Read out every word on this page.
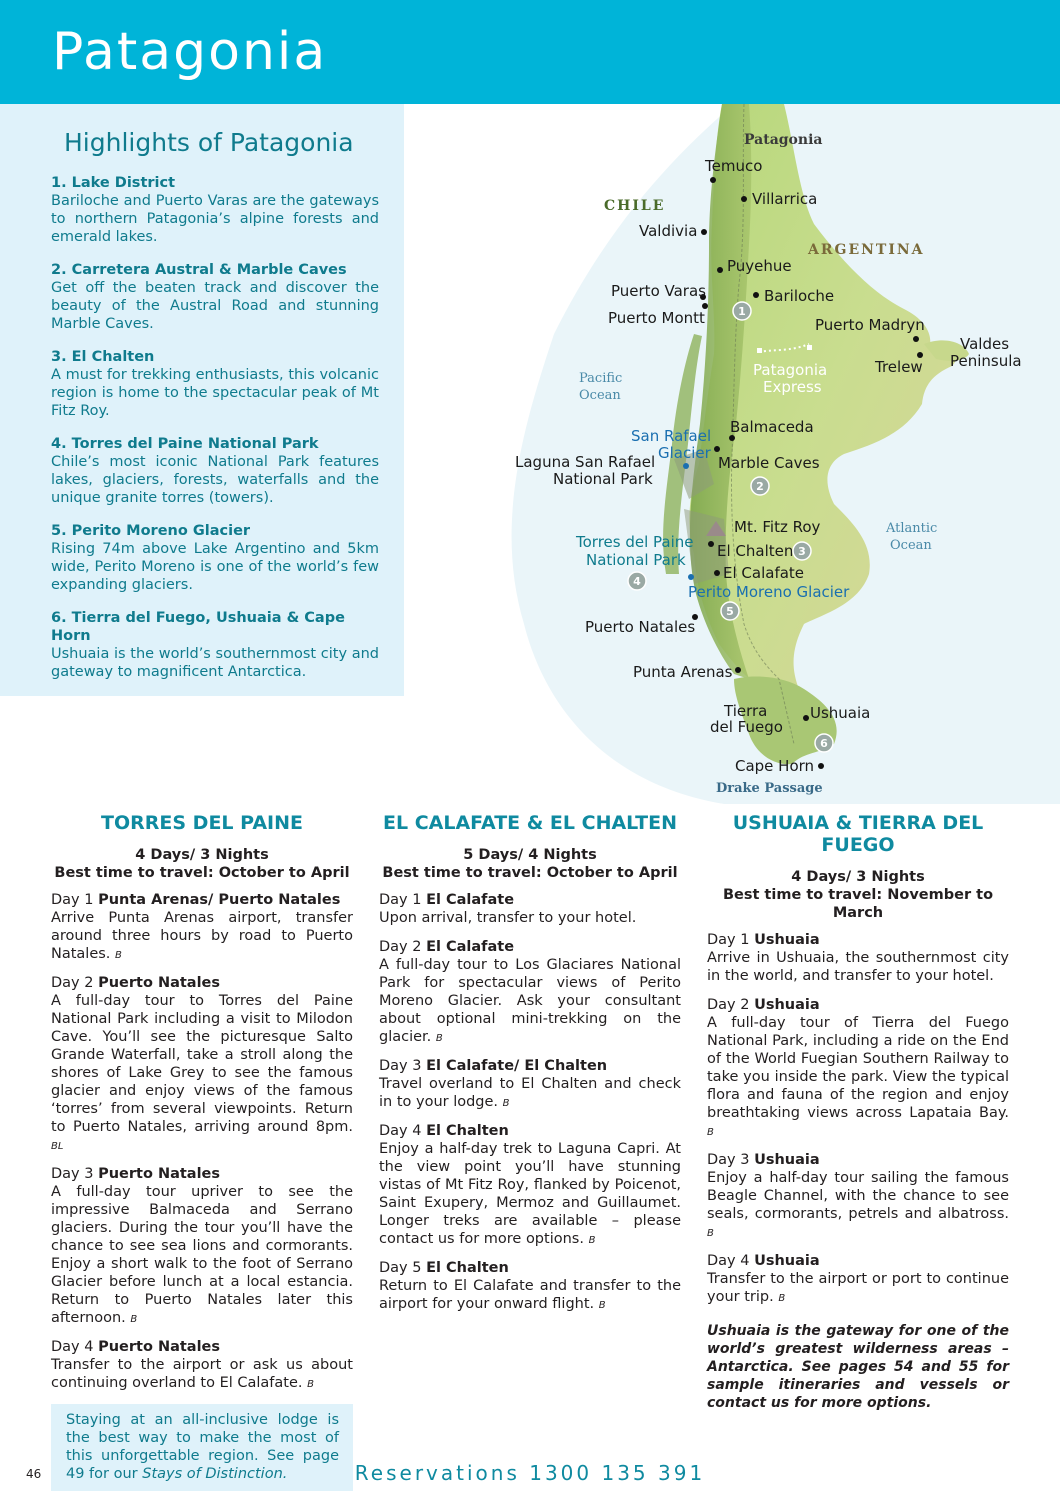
Patagonia
Highlights of Patagonia
1. Lake District
Bariloche and Puerto Varas are the gateways to northern Patagonia’s alpine forests and emerald lakes.
2. Carretera Austral & Marble Caves
Get off the beaten track and discover the beauty of the Austral Road and stunning Marble Caves.
3. El Chalten
A must for trekking enthusiasts, this volcanic region is home to the spectacular peak of Mt Fitz Roy.
4. Torres del Paine National Park
Chile’s most iconic National Park features lakes, glaciers, forests, waterfalls and the unique granite torres (towers).
5. Perito Moreno Glacier
Rising 74m above Lake Argentino and 5km wide, Perito Moreno is one of the world’s few expanding glaciers.
6. Tierra del Fuego, Ushuaia & Cape Horn
Ushuaia is the world’s southernmost city and gateway to magnificent Antarctica.
Patagonia
CHILE
ARGENTINA
Pacific
Ocean
Atlantic
Ocean
Drake Passage
Temuco
Villarrica
Valdivia
Puyehue
Puerto Varas	Bariloche
Puerto Montt	Puerto Madryn
Valdes
Peninsula
Trelew
Balmaceda
Laguna San Rafael
National Park
Marble Caves
Mt. Fitz Roy
El Chalten
El Calafate
Puerto Natales
Punta Arenas
Tierra
del Fuego
Ushuaia
Cape Horn
Torres del Paine
National Park
San Rafael
Glacier
Perito Moreno Glacier
Patagonia
Express
1
2
3
4
5
6
TORRES DEL PAINE
4 Days/ 3 Nights
Best time to travel: October to April
Day 1 Punta Arenas/ Puerto Natales
Arrive Punta Arenas airport, transfer around three hours by road to Puerto Natales. B
Day 2 Puerto Natales
A full-day tour to Torres del Paine National Park including a visit to Milodon Cave. You’ll see the picturesque Salto Grande Waterfall, take a stroll along the shores of Lake Grey to see the famous glacier and enjoy views of the famous ‘torres’ from several viewpoints. Return to Puerto Natales, arriving around 8pm. BL
Day 3 Puerto Natales
A full-day tour upriver to see the impressive Balmaceda and Serrano glaciers. During the tour you’ll have the chance to see sea lions and cormorants. Enjoy a short walk to the foot of Serrano Glacier before lunch at a local estancia. Return to Puerto Natales later this afternoon. B
Day 4 Puerto Natales
Transfer to the airport or ask us about continuing overland to El Calafate. B
Staying at an all-inclusive lodge is the best way to make the most of this unforgettable region. See page 49 for our Stays of Distinction.
EL CALAFATE & EL CHALTEN
5 Days/ 4 Nights
Best time to travel: October to April
Day 1 El Calafate
Upon arrival, transfer to your hotel.
Day 2 El Calafate
A full-day tour to Los Glaciares National Park for spectacular views of Perito Moreno Glacier. Ask your consultant about optional mini-trekking on the glacier. B
Day 3 El Calafate/ El Chalten
Travel overland to El Chalten and check in to your lodge. B
Day 4 El Chalten
Enjoy a half-day trek to Laguna Capri. At the view point you’ll have stunning vistas of Mt Fitz Roy, flanked by Poicenot, Saint Exupery, Mermoz and Guillaumet. Longer treks are available – please contact us for more options. B
Day 5 El Chalten
Return to El Calafate and transfer to the airport for your onward flight. B
USHUAIA & TIERRA DEL FUEGO
4 Days/ 3 Nights
Best time to travel: November to March
Day 1 Ushuaia
Arrive in Ushuaia, the southernmost city in the world, and transfer to your hotel.
Day 2 Ushuaia
A full-day tour of Tierra del Fuego National Park, including a ride on the End of the World Fuegian Southern Railway to take you inside the park. View the typical flora and fauna of the region and enjoy breathtaking views across Lapataia Bay. B
Day 3 Ushuaia
Enjoy a half-day tour sailing the famous Beagle Channel, with the chance to see seals, cormorants, petrels and albatross. B
Day 4 Ushuaia
Transfer to the airport or port to continue your trip. B
Ushuaia is the gateway for one of the world’s greatest wilderness areas – Antarctica. See pages 54 and 55 for sample itineraries and vessels or contact us for more options.
46	Reservations 1300 135 391
